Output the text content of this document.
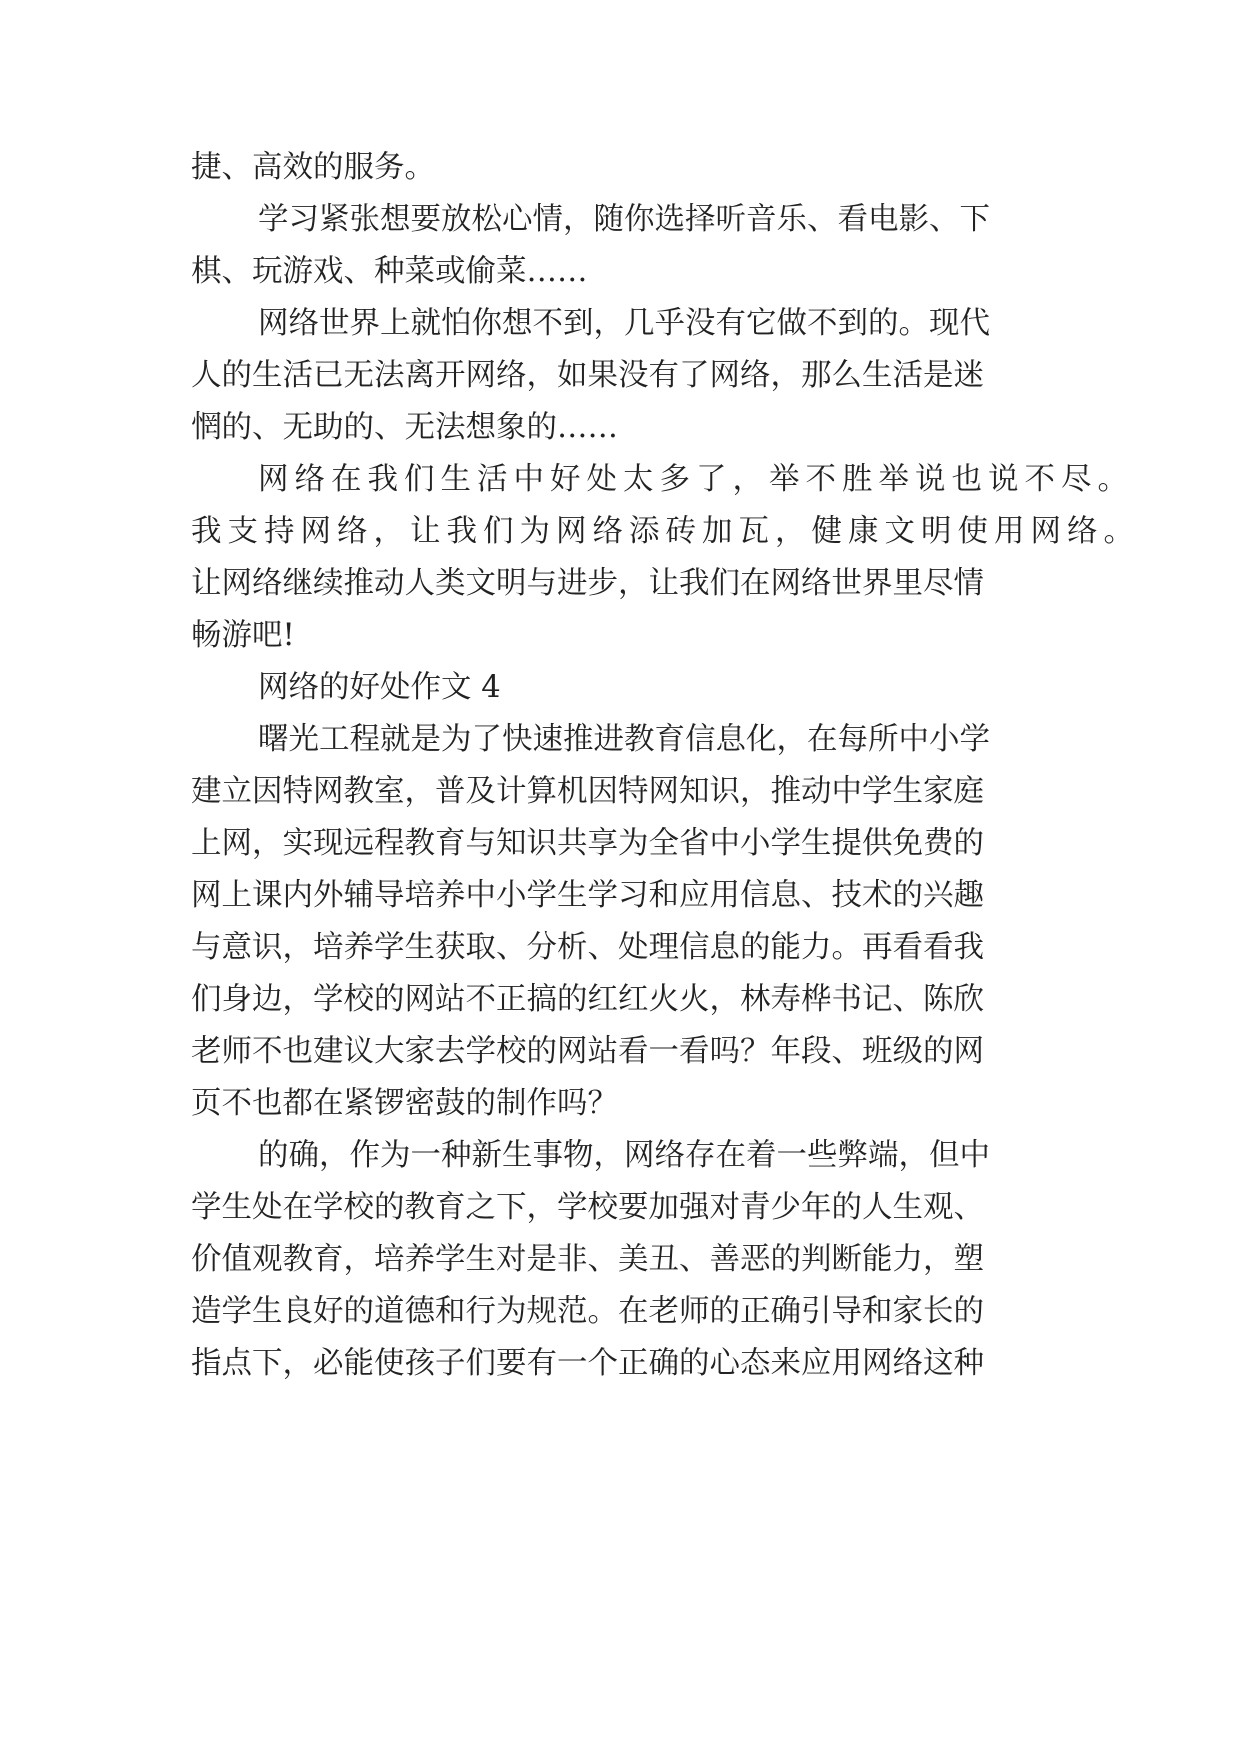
捷、高效的服务。
学习紧张想要放松心情，随你选择听音乐、看电影、下
棋、玩游戏、种菜或偷菜……
网络世界上就怕你想不到，几乎没有它做不到的。现代
人的生活已无法离开网络，如果没有了网络，那么生活是迷
惘的、无助的、无法想象的……
网络在我们生活中好处太多了，举不胜举说也说不尽。
我支持网络，让我们为网络添砖加瓦，健康文明使用网络。
让网络继续推动人类文明与进步，让我们在网络世界里尽情
畅游吧!
网络的好处作文 4
曙光工程就是为了快速推进教育信息化，在每所中小学
建立因特网教室，普及计算机因特网知识，推动中学生家庭
上网，实现远程教育与知识共享为全省中小学生提供免费的
网上课内外辅导培养中小学生学习和应用信息、技术的兴趣
与意识，培养学生获取、分析、处理信息的能力。再看看我
们身边，学校的网站不正搞的红红火火，林寿桦书记、陈欣
老师不也建议大家去学校的网站看一看吗？年段、班级的网
页不也都在紧锣密鼓的制作吗？
的确，作为一种新生事物，网络存在着一些弊端，但中
学生处在学校的教育之下，学校要加强对青少年的人生观、
价值观教育，培养学生对是非、美丑、善恶的判断能力，塑
造学生良好的道德和行为规范。在老师的正确引导和家长的
指点下，必能使孩子们要有一个正确的心态来应用网络这种
